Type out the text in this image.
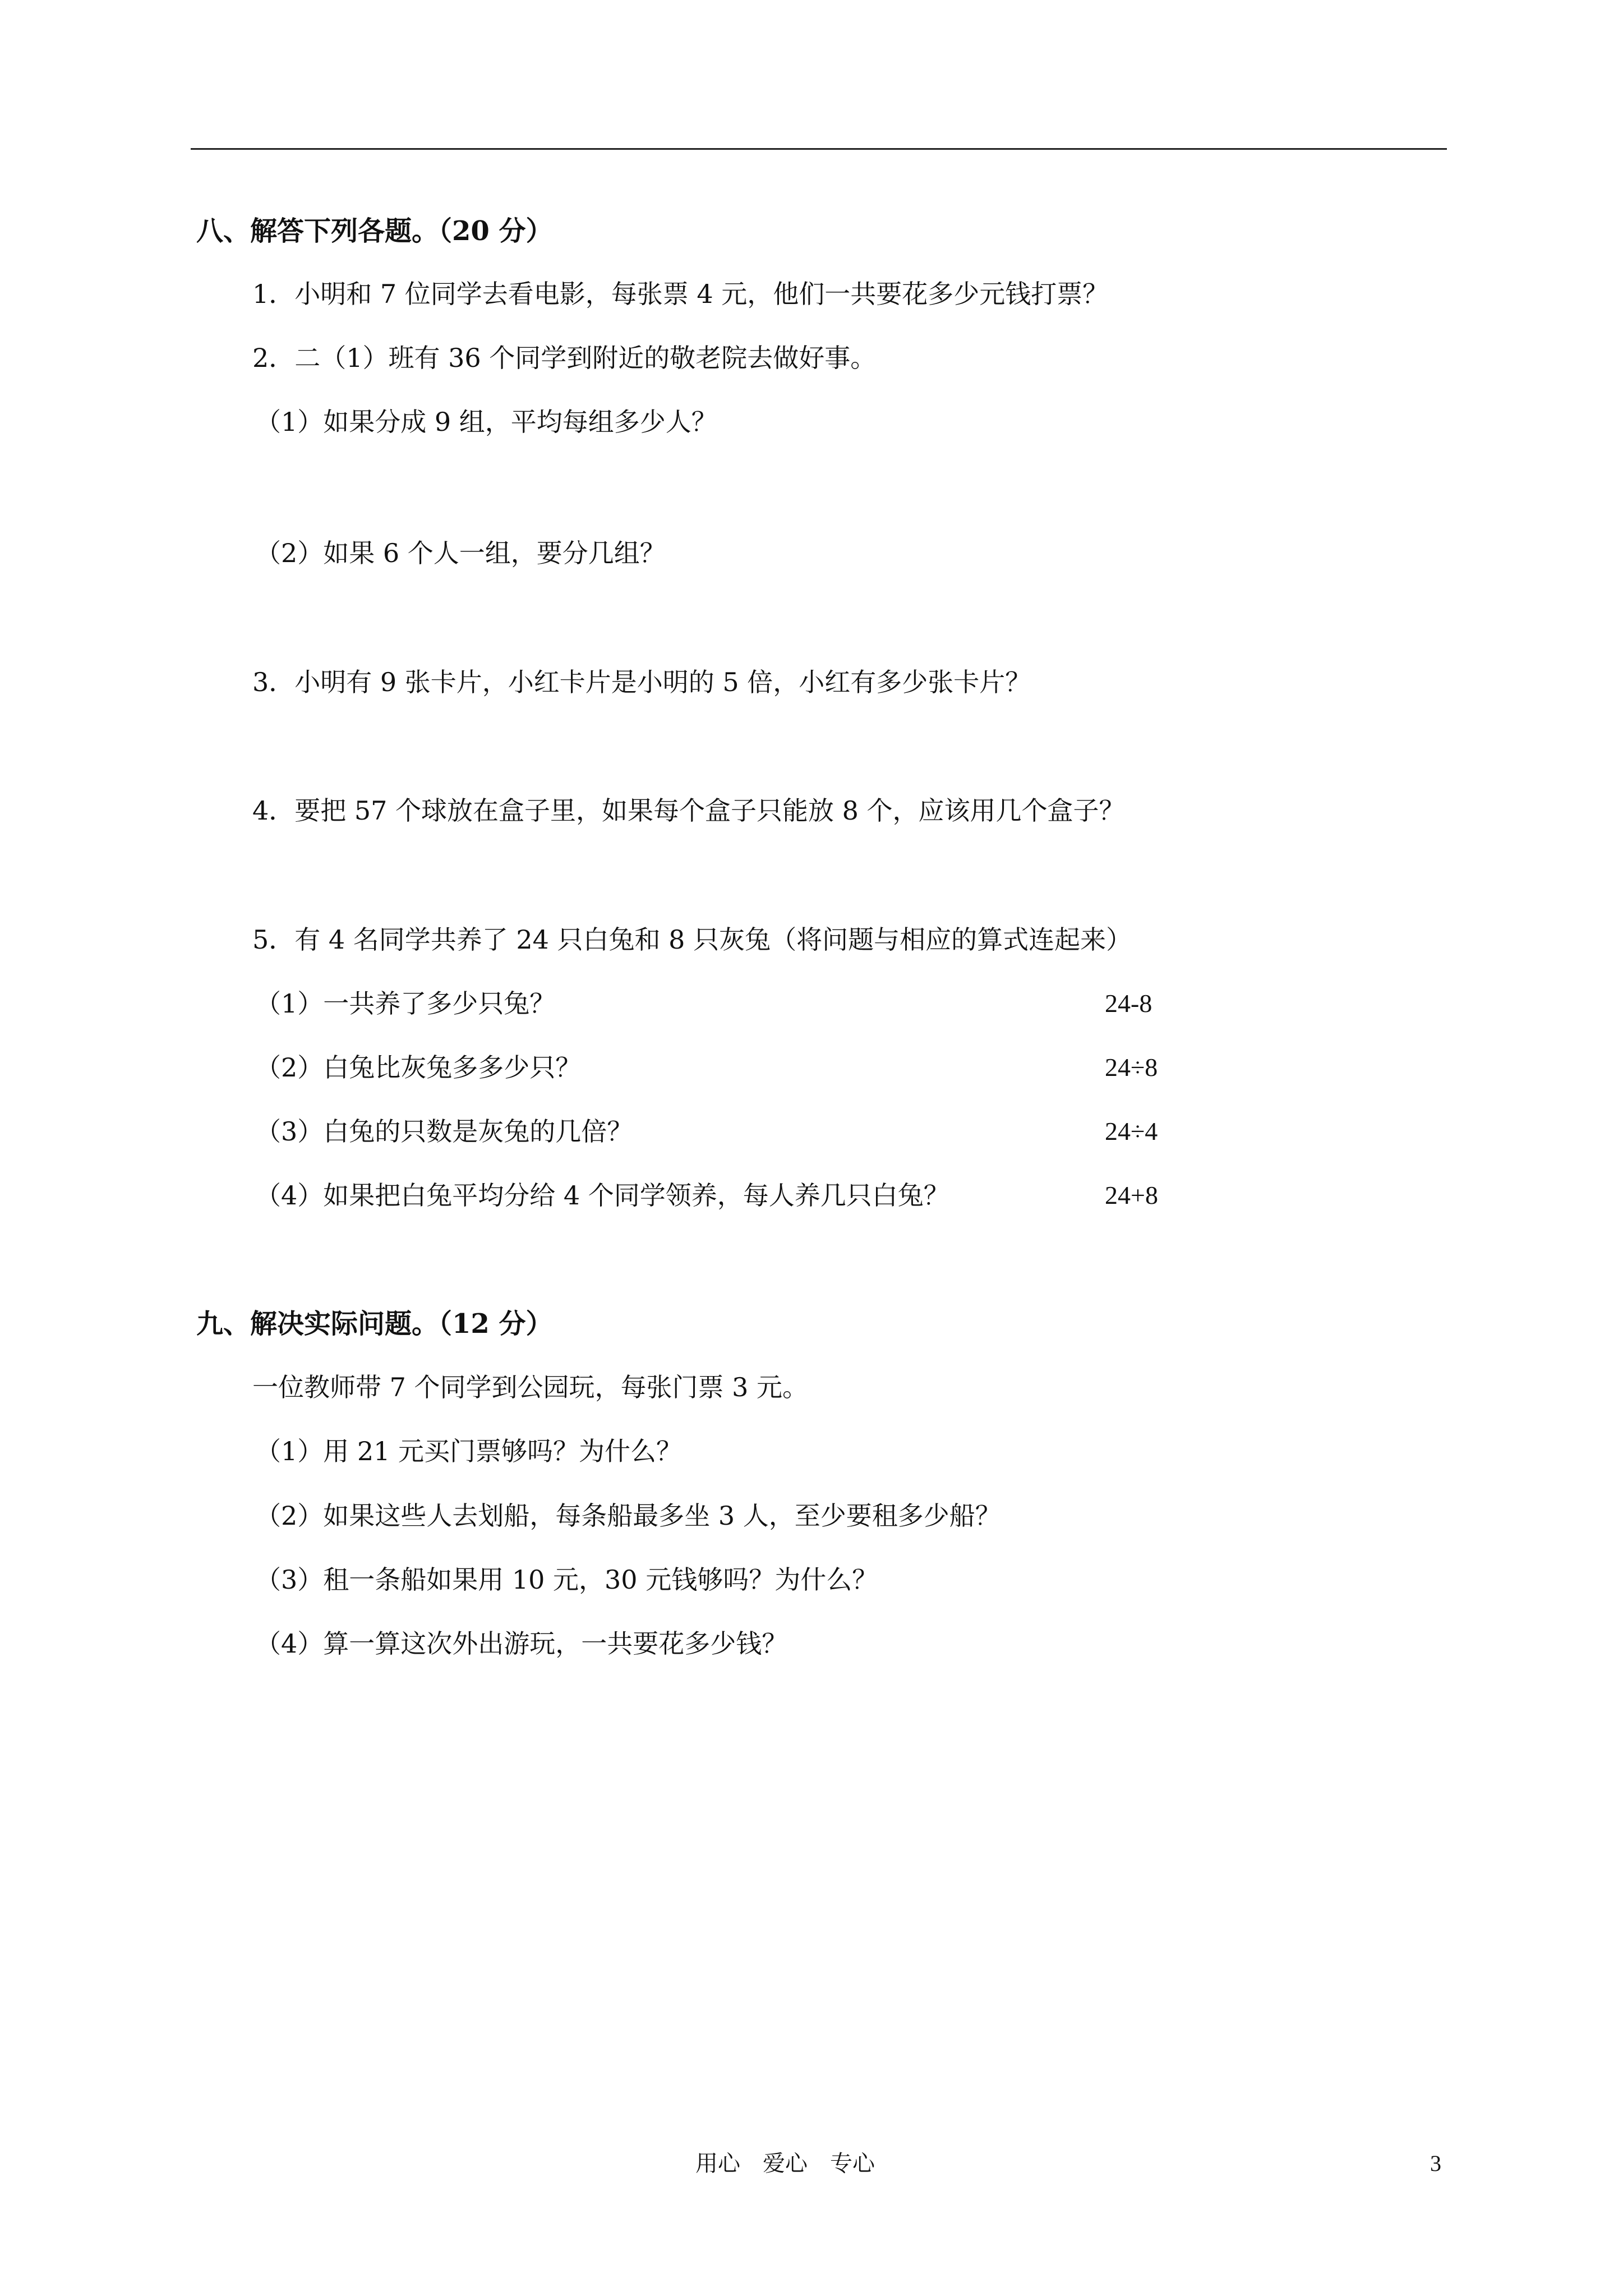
八、解答下列各题。（20 分）
1．小明和 7 位同学去看电影，每张票 4 元，他们一共要花多少元钱打票？
2．二（1）班有 36 个同学到附近的敬老院去做好事。
（1）如果分成 9 组，平均每组多少人？
（2）如果 6 个人一组，要分几组？
3．小明有 9 张卡片，小红卡片是小明的 5 倍，小红有多少张卡片？
4．要把 57 个球放在盒子里，如果每个盒子只能放 8 个，应该用几个盒子？
5．有 4 名同学共养了 24 只白兔和 8 只灰兔（将问题与相应的算式连起来）
（1）一共养了多少只兔？	24-8
（2）白兔比灰兔多多少只？	24÷8
（3）白兔的只数是灰兔的几倍？	24÷4
（4）如果把白兔平均分给 4 个同学领养，每人养几只白兔？	24+8
九、解决实际问题。（12 分）
一位教师带 7 个同学到公园玩，每张门票 3 元。
（1）用 21 元买门票够吗？为什么？
（2）如果这些人去划船，每条船最多坐 3 人，至少要租多少船？
（3）租一条船如果用 10 元，30 元钱够吗？为什么？
（4）算一算这次外出游玩，一共要花多少钱？
用心　爱心　专心	3
